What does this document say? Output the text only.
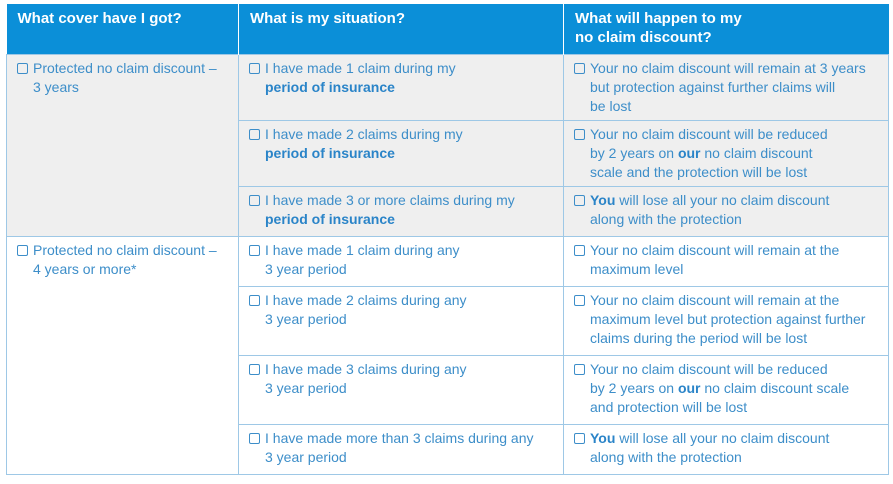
What cover have I got?	What is my situation?	What will happen to my
no claim discount?

Protected no claim discount –
3 years	I have made 1 claim during my
period of insurance	Your no claim discount will remain at 3 years
but protection against further claims will
be lost

	I have made 2 claims during my
period of insurance	Your no claim discount will be reduced
by 2 years on our no claim discount
scale and the protection will be lost

	I have made 3 or more claims during my
period of insurance	You will lose all your no claim discount
along with the protection

Protected no claim discount –
4 years or more*	I have made 1 claim during any
3 year period	Your no claim discount will remain at the
maximum level

	I have made 2 claims during any
3 year period	Your no claim discount will remain at the
maximum level but protection against further
claims during the period will be lost

	I have made 3 claims during any
3 year period	Your no claim discount will be reduced
by 2 years on our no claim discount scale
and protection will be lost

	I have made more than 3 claims during any
3 year period	You will lose all your no claim discount
along with the protection
